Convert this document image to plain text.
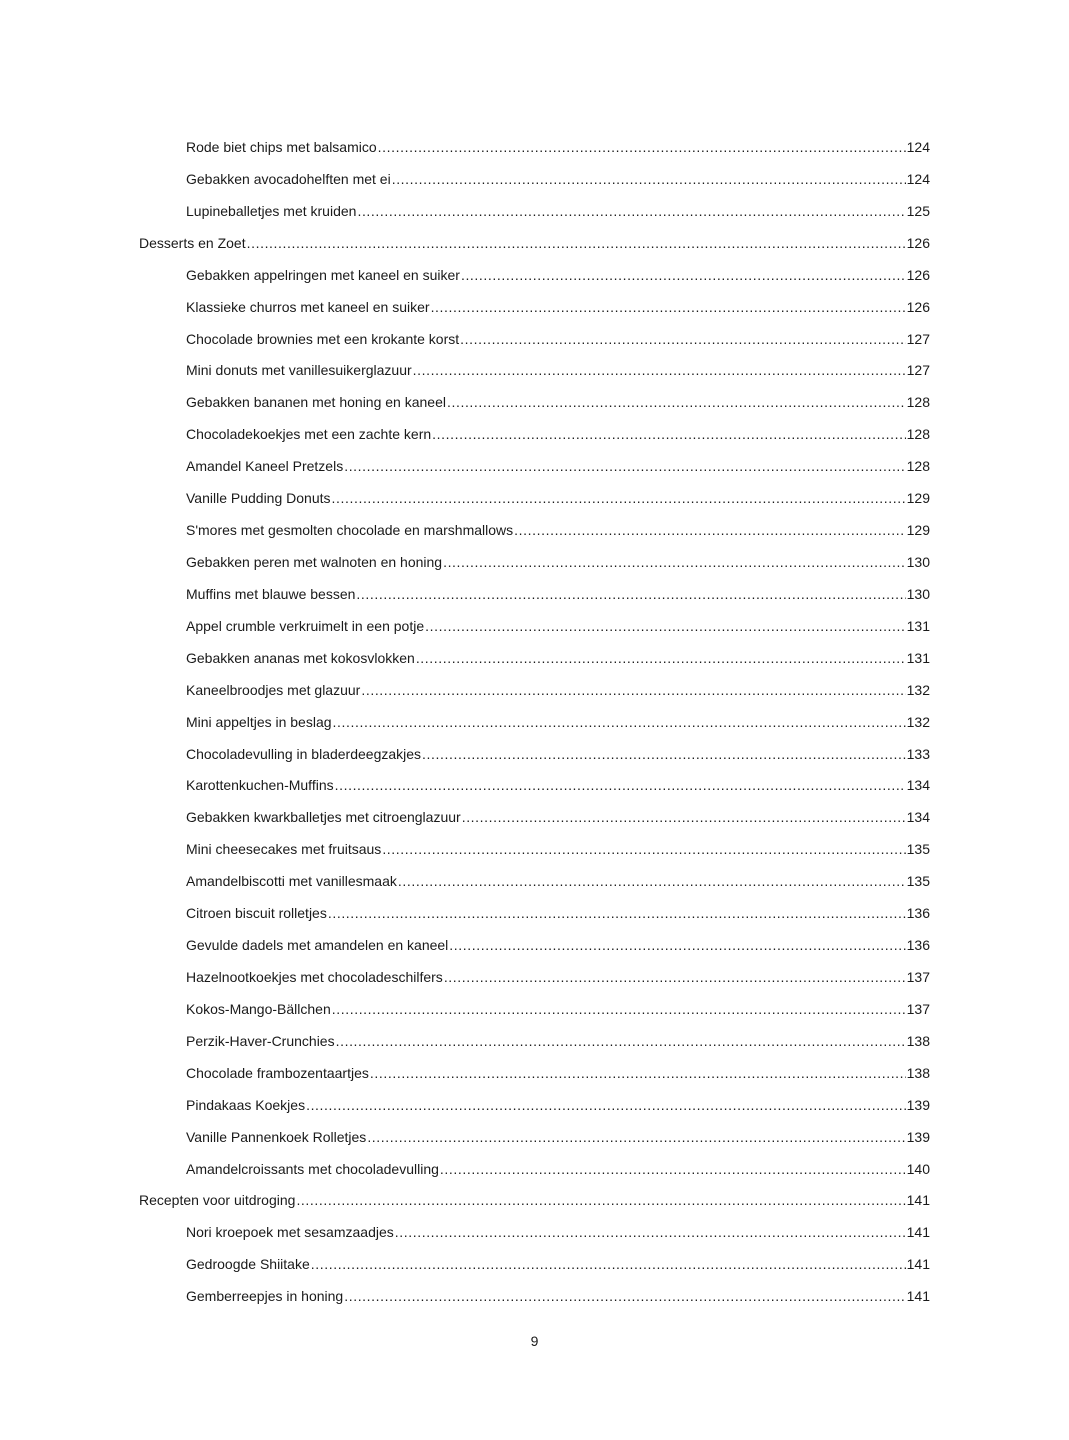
Rode biet chips met balsamico .....	124
Gebakken avocadohelften met ei .....	124
Lupineballetjes met kruiden .....	125
Desserts en Zoet .....	126
Gebakken appelringen met kaneel en suiker .....	126
Klassieke churros met kaneel en suiker .....	126
Chocolade brownies met een krokante korst .....	127
Mini donuts met vanillesuikerglazuur .....	127
Gebakken bananen met honing en kaneel .....	128
Chocoladekoekjes met een zachte kern .....	128
Amandel Kaneel Pretzels .....	128
Vanille Pudding Donuts .....	129
S'mores met gesmolten chocolade en marshmallows .....	129
Gebakken peren met walnoten en honing .....	130
Muffins met blauwe bessen .....	130
Appel crumble verkruimelt in een potje .....	131
Gebakken ananas met kokosvlokken .....	131
Kaneelbroodjes met glazuur .....	132
Mini appeltjes in beslag .....	132
Chocoladevulling in bladerdeegzakjes .....	133
Karottenkuchen-Muffins .....	134
Gebakken kwarkballetjes met citroenglazuur .....	134
Mini cheesecakes met fruitsaus .....	135
Amandelbiscotti met vanillesmaak .....	135
Citroen biscuit rolletjes .....	136
Gevulde dadels met amandelen en kaneel .....	136
Hazelnootkoekjes met chocoladeschilfers .....	137
Kokos-Mango-Bällchen .....	137
Perzik-Haver-Crunchies .....	138
Chocolade frambozentaartjes .....	138
Pindakaas Koekjes .....	139
Vanille Pannenkoek Rolletjes .....	139
Amandelcroissants met chocoladevulling .....	140
Recepten voor uitdroging .....	141
Nori kroepoek met sesamzaadjes .....	141
Gedroogde Shiitake .....	141
Gemberreepjes in honing .....	141
9
